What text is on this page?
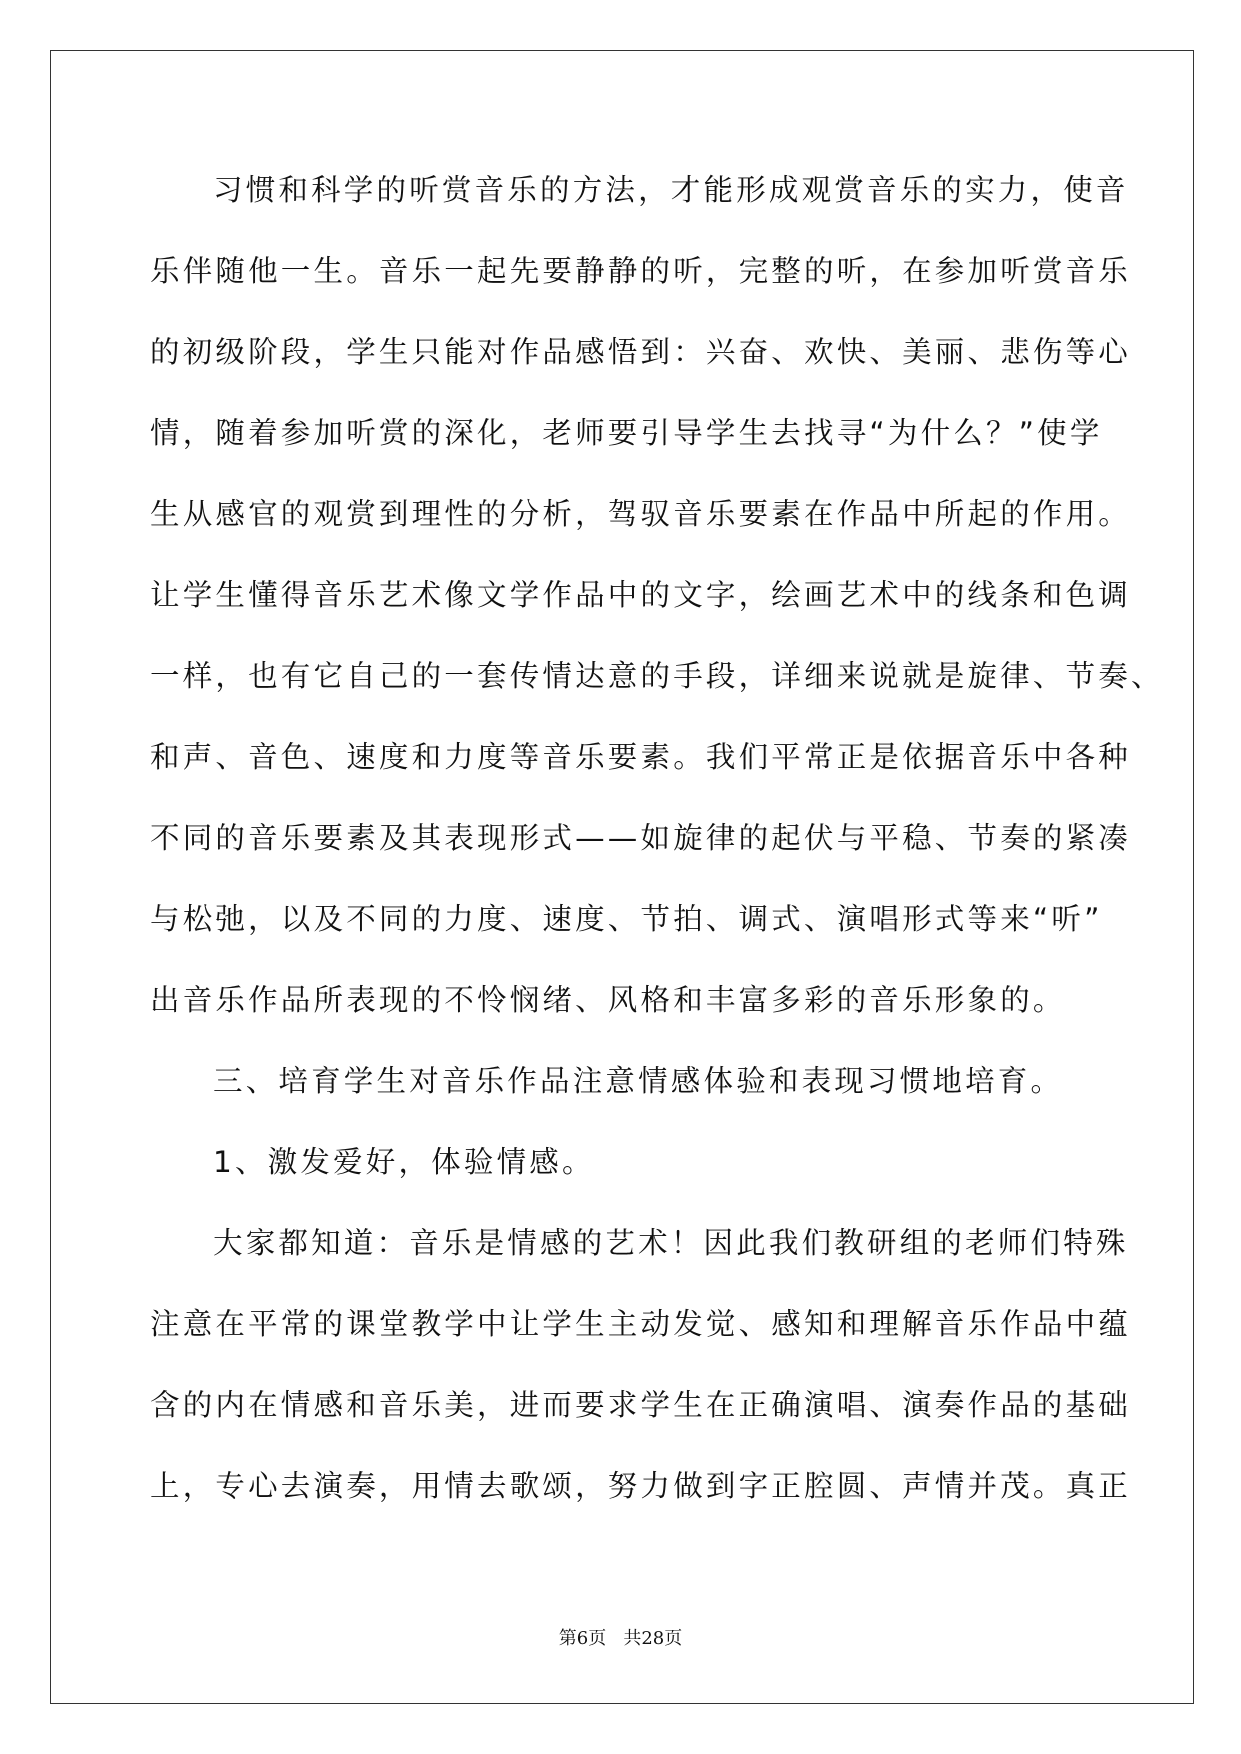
习惯和科学的听赏音乐的方法，才能形成观赏音乐的实力，使音
乐伴随他一生。音乐一起先要静静的听，完整的听，在参加听赏音乐
的初级阶段，学生只能对作品感悟到：兴奋、欢快、美丽、悲伤等心
情，随着参加听赏的深化，老师要引导学生去找寻“为什么？”使学
生从感官的观赏到理性的分析，驾驭音乐要素在作品中所起的作用。
让学生懂得音乐艺术像文学作品中的文字，绘画艺术中的线条和色调
一样，也有它自己的一套传情达意的手段，详细来说就是旋律、节奏、
和声、音色、速度和力度等音乐要素。我们平常正是依据音乐中各种
不同的音乐要素及其表现形式——如旋律的起伏与平稳、节奏的紧凑
与松弛，以及不同的力度、速度、节拍、调式、演唱形式等来“听”
出音乐作品所表现的不怜悯绪、风格和丰富多彩的音乐形象的。
三、培育学生对音乐作品注意情感体验和表现习惯地培育。
1、激发爱好，体验情感。
大家都知道：音乐是情感的艺术！因此我们教研组的老师们特殊
注意在平常的课堂教学中让学生主动发觉、感知和理解音乐作品中蕴
含的内在情感和音乐美，进而要求学生在正确演唱、演奏作品的基础
上，专心去演奏，用情去歌颂，努力做到字正腔圆、声情并茂。真正
第6页   共28页
